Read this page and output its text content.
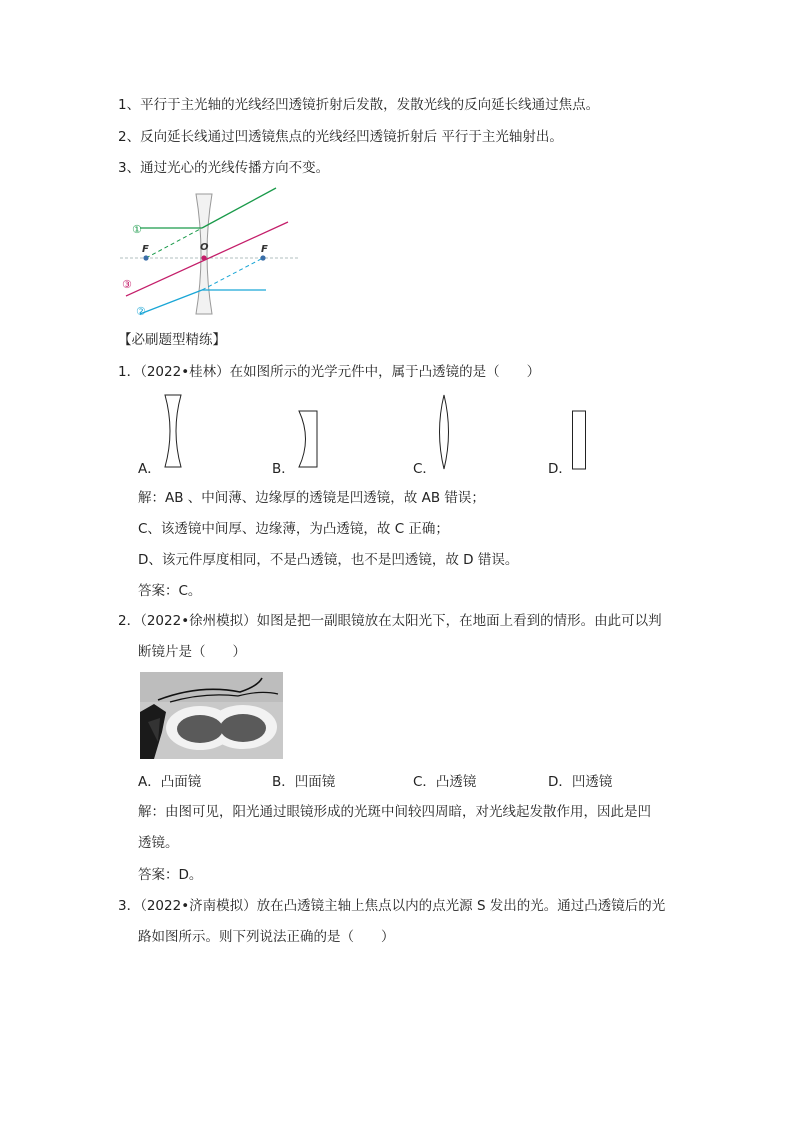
1、平行于主光轴的光线经凹透镜折射后发散，发散光线的反向延长线通过焦点。
2、反向延长线通过凹透镜焦点的光线经凹透镜折射后 平行于主光轴射出。
3、通过光心的光线传播方向不变。
F	O	F
①
③
②
【必刷题型精练】
1．（2022•桂林）在如图所示的光学元件中，属于凸透镜的是（　　）
A．	B．	C．	D．
解：AB 、中间薄、边缘厚的透镜是凹透镜，故 AB 错误；
C、该透镜中间厚、边缘薄，为凸透镜，故 C 正确；
D、该元件厚度相同，不是凸透镜，也不是凹透镜，故 D 错误。
答案：C。
2．（2022•徐州模拟）如图是把一副眼镜放在太阳光下，在地面上看到的情形。由此可以判
断镜片是（　　）
A．凸面镜	B．凹面镜	C．凸透镜	D．凹透镜
解：由图可见，阳光通过眼镜形成的光斑中间较四周暗，对光线起发散作用，因此是凹
透镜。
答案：D。
3．（2022•济南模拟）放在凸透镜主轴上焦点以内的点光源 S 发出的光。通过凸透镜后的光
路如图所示。则下列说法正确的是（　　）
